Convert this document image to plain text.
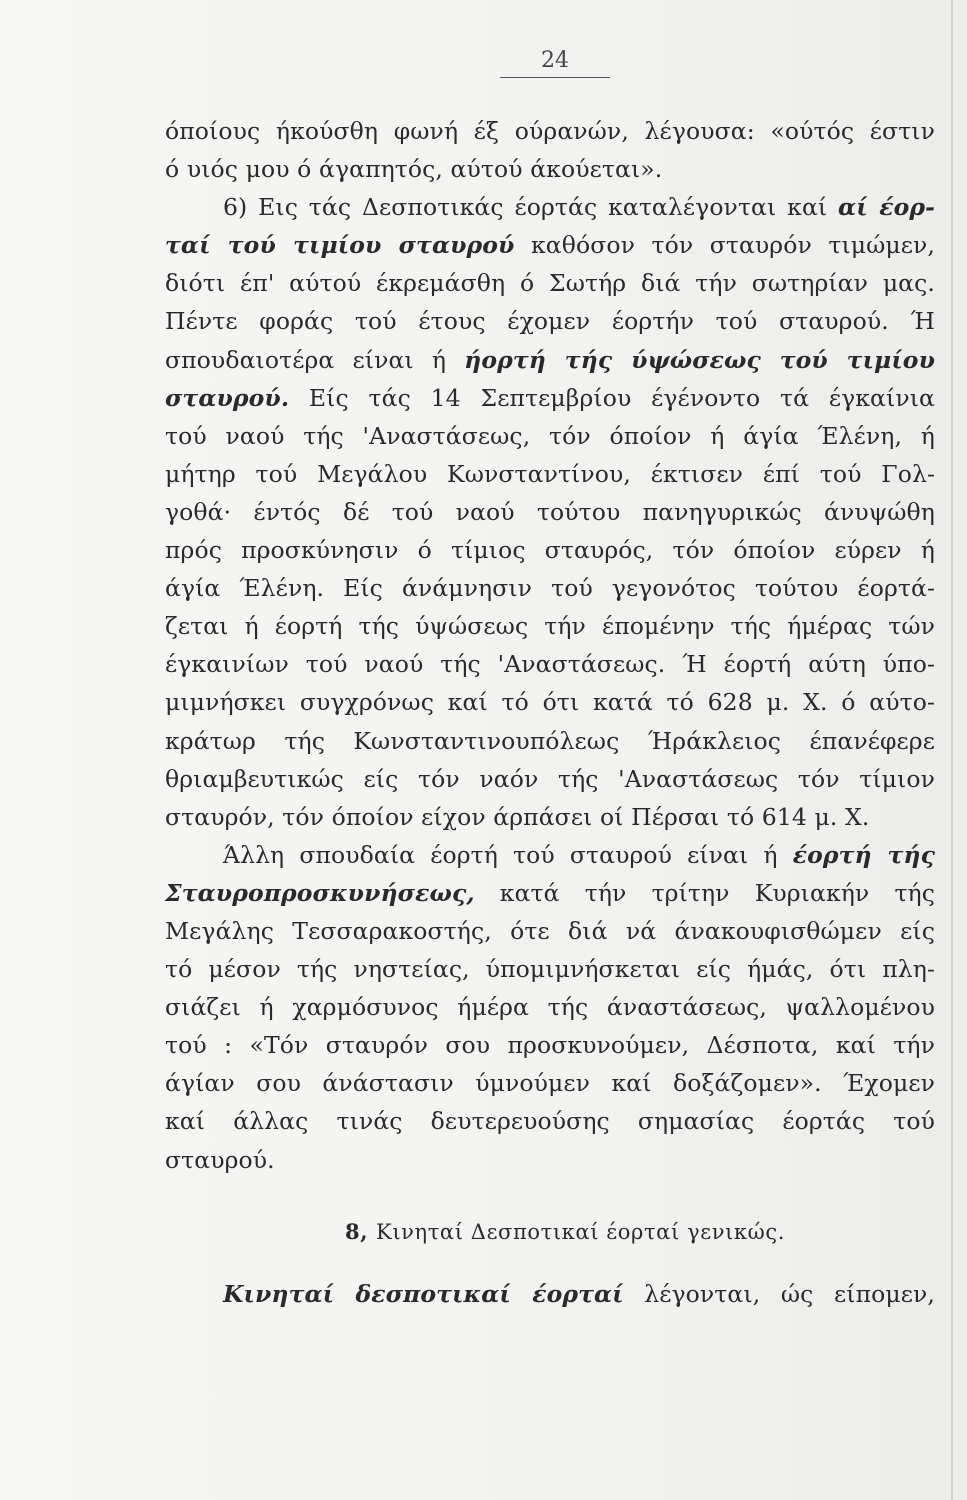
24
όποίους ήκούσθη φωνή έξ ούρανών, λέγουσα: «ούτός έστιν
ό υιός μου ό άγαπητός, αύτού άκούεται».
6) Εις τάς Δεσποτικάς έορτάς καταλέγονται καί αί έορ-
ταί τού τιμίου σταυρού καθόσον τόν σταυρόν τιμώμεν,
διότι έπ' αύτού έκρεμάσθη ό Σωτήρ διά τήν σωτηρίαν μας.
Πέντε φοράς τού έτους έχομεν έορτήν τού σταυρού. Ή
σπουδαιοτέρα είναι ή ήορτή τής ύψώσεως τού τιμίου
σταυρού. Είς τάς 14 Σεπτεμβρίου έγένοντο τά έγκαίνια
τού ναού τής 'Αναστάσεως, τόν όποίον ή άγία Έλένη, ή
μήτηρ τού Μεγάλου Κωνσταντίνου, έκτισεν έπί τού Γολ-
γοθά· έντός δέ τού ναού τούτου πανηγυρικώς άνυψώθη
πρός προσκύνησιν ό τίμιος σταυρός, τόν όποίον εύρεν ή
άγία Έλένη. Είς άνάμνησιν τού γεγονότος τούτου έορτά-
ζεται ή έορτή τής ύψώσεως τήν έπομένην τής ήμέρας τών
έγκαινίων τού ναού τής 'Αναστάσεως. Ή έορτή αύτη ύπο-
μιμνήσκει συγχρόνως καί τό ότι κατά τό 628 μ. Χ. ό αύτο-
κράτωρ τής Κωνσταντινουπόλεως Ήράκλειος έπανέφερε
θριαμβευτικώς είς τόν ναόν τής 'Αναστάσεως τόν τίμιον
σταυρόν, τόν όποίον είχον άρπάσει οί Πέρσαι τό 614 μ. Χ.
Άλλη σπουδαία έορτή τού σταυρού είναι ή έορτή τής
Σταυροπροσκυνήσεως, κατά τήν τρίτην Κυριακήν τής
Μεγάλης Τεσσαρακοστής, ότε διά νά άνακουφισθώμεν είς
τό μέσον τής νηστείας, ύπομιμνήσκεται είς ήμάς, ότι πλη-
σιάζει ή χαρμόσυνος ήμέρα τής άναστάσεως, ψαλλομένου
τού : «Τόν σταυρόν σου προσκυνούμεν, Δέσποτα, καί τήν
άγίαν σου άνάστασιν ύμνούμεν καί δοξάζομεν». Έχομεν
καί άλλας τινάς δευτερευούσης σημασίας έορτάς τού
σταυρού.
8, Κινηταί Δεσποτικαί έορταί γενικώς.
Κινηταί δεσποτικαί έορταί λέγονται, ώς είπομεν,
